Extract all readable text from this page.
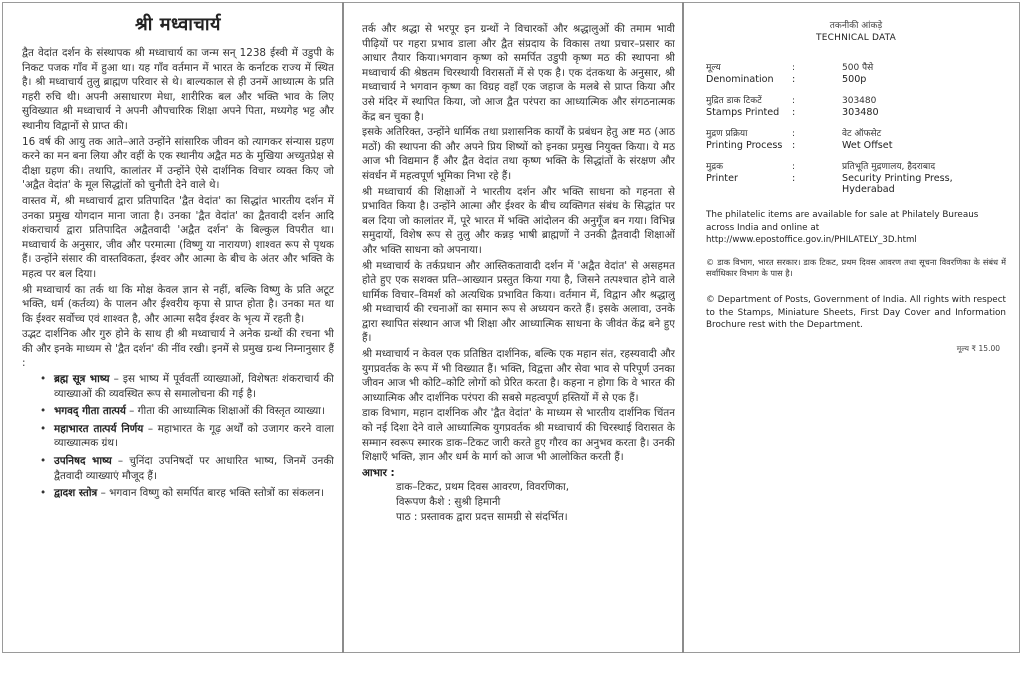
श्री मध्वाचार्य

द्वैत वेदांत दर्शन के संस्थापक श्री मध्वाचार्य का जन्म सन् 1238 ईस्वी में उडुपी के निकट पजक गाँव में हुआ था। यह गाँव वर्तमान में भारत के कर्नाटक राज्य में स्थित है। श्री मध्वाचार्य तुलु ब्राह्मण परिवार से थे। बाल्यकाल से ही उनमें आध्यात्म के प्रति गहरी रुचि थी। अपनी असाधारण मेधा, शारीरिक बल और भक्ति भाव के लिए सुविख्यात श्री मध्वाचार्य ने अपनी औपचारिक शिक्षा अपने पिता, मध्यगेह भट्ट और स्थानीय विद्वानों से प्राप्त की।

16 वर्ष की आयु तक आते–आते उन्होंने सांसारिक जीवन को त्यागकर संन्यास ग्रहण करने का मन बना लिया और वहीं के एक स्थानीय अद्वैत मठ के मुखिया अच्युतप्रेक्ष से दीक्षा ग्रहण की। तथापि, कालांतर में उन्होंने ऐसे दार्शनिक विचार व्यक्त किए जो 'अद्वैत वेदांत' के मूल सिद्धांतों को चुनौती देने वाले थे।

वास्तव में, श्री मध्वाचार्य द्वारा प्रतिपादित 'द्वैत वेदांत' का सिद्धांत भारतीय दर्शन में उनका प्रमुख योगदान माना जाता है। उनका 'द्वैत वेदांत' का द्वैतवादी दर्शन आदि शंकराचार्य द्वारा प्रतिपादित अद्वैतवादी 'अद्वैत दर्शन' के बिल्कुल विपरीत था। मध्वाचार्य के अनुसार, जीव और परमात्मा (विष्णु या नारायण) शाश्वत रूप से पृथक हैं। उन्होंने संसार की वास्तविकता, ईश्वर और आत्मा के बीच के अंतर और भक्ति के महत्व पर बल दिया।

श्री मध्वाचार्य का तर्क था कि मोक्ष केवल ज्ञान से नहीं, बल्कि विष्णु के प्रति अटूट भक्ति, धर्म (कर्तव्य) के पालन और ईश्वरीय कृपा से प्राप्त होता है। उनका मत था कि ईश्वर सर्वोच्च एवं शाश्वत है, और आत्मा सदैव ईश्वर के भृत्य में रहती है।

उद्भट दार्शनिक और गुरु होने के साथ ही श्री मध्वाचार्य ने अनेक ग्रन्थों की रचना भी की और इनके माध्यम से 'द्वैत दर्शन' की नींव रखी। इनमें से प्रमुख ग्रन्थ निम्नानुसार हैं :

• ब्रह्म सूत्र भाष्य – इस भाष्य में पूर्ववर्ती व्याख्याओं, विशेषतः शंकराचार्य की व्याख्याओं की व्यवस्थित रूप से समालोचना की गई है।
• भगवद् गीता तात्पर्य – गीता की आध्यात्मिक शिक्षाओं की विस्तृत व्याख्या।
• महाभारत तात्पर्य निर्णय – महाभारत के गूढ़ अर्थों को उजागर करने वाला व्याख्यात्मक ग्रंथ।
• उपनिषद भाष्य – चुनिंदा उपनिषदों पर आधारित भाष्य, जिनमें उनकी द्वैतवादी व्याख्याएं मौजूद हैं।
• द्वादश स्तोत्र – भगवान विष्णु को समर्पित बारह भक्ति स्तोत्रों का संकलन।

तर्क और श्रद्धा से भरपूर इन ग्रन्थों ने विचारकों और श्रद्धालुओं की तमाम भावी पीढ़ियों पर गहरा प्रभाव डाला और द्वैत संप्रदाय के विकास तथा प्रचार–प्रसार का आधार तैयार किया।भगवान कृष्ण को समर्पित उडुपी कृष्ण मठ की स्थापना श्री मध्वाचार्य की श्रेष्ठतम चिरस्थायी विरासतों में से एक है। एक दंतकथा के अनुसार, श्री मध्वाचार्य ने भगवान कृष्ण का विग्रह वहाँ एक जहाज के मलबे से प्राप्त किया और उसे मंदिर में स्थापित किया, जो आज द्वैत परंपरा का आध्यात्मिक और संगठनात्मक केंद्र बन चुका है।

इसके अतिरिक्त, उन्होंने धार्मिक तथा प्रशासनिक कार्यों के प्रबंधन हेतु अष्ट मठ (आठ मठों) की स्थापना की और अपने प्रिय शिष्यों को इनका प्रमुख नियुक्त किया। ये मठ आज भी विद्यमान हैं और द्वैत वेदांत तथा कृष्ण भक्ति के सिद्धांतों के संरक्षण और संवर्धन में महत्वपूर्ण भूमिका निभा रहे हैं।

श्री मध्वाचार्य की शिक्षाओं ने भारतीय दर्शन और भक्ति साधना को गहनता से प्रभावित किया है। उन्होंने आत्मा और ईश्वर के बीच व्यक्तिगत संबंध के सिद्धांत पर बल दिया जो कालांतर में, पूरे भारत में भक्ति आंदोलन की अनुगूँज बन गया। विभिन्न समुदायों, विशेष रूप से तुलु और कन्नड़ भाषी ब्राह्मणों ने उनकी द्वैतवादी शिक्षाओं और भक्ति साधना को अपनाया।

श्री मध्वाचार्य के तर्कप्रधान और आस्तिकतावादी दर्शन में 'अद्वैत वेदांत' से असहमत होते हुए एक सशक्त प्रति–आख्यान प्रस्तुत किया गया है, जिसने तत्पश्चात होने वाले धार्मिक विचार–विमर्श को अत्यधिक प्रभावित किया। वर्तमान में, विद्वान और श्रद्धालु श्री मध्वाचार्य की रचनाओं का समान रूप से अध्ययन करते हैं। इसके अलावा, उनके द्वारा स्थापित संस्थान आज भी शिक्षा और आध्यात्मिक साधना के जीवंत केंद्र बने हुए हैं।

श्री मध्वाचार्य न केवल एक प्रतिष्ठित दार्शनिक, बल्कि एक महान संत, रहस्यवादी और युगप्रवर्तक के रूप में भी विख्यात हैं। भक्ति, विद्वत्ता और सेवा भाव से परिपूर्ण उनका जीवन आज भी कोटि–कोटि लोगों को प्रेरित करता है। कहना न होगा कि वे भारत की आध्यात्मिक और दार्शनिक परंपरा की सबसे महत्वपूर्ण हस्तियों में से एक हैं।

डाक विभाग, महान दार्शनिक और 'द्वैत वेदांत' के माध्यम से भारतीय दार्शनिक चिंतन को नई दिशा देने वाले आध्यात्मिक युगप्रवर्तक श्री मध्वाचार्य की चिरस्थाई विरासत के सम्मान स्वरूप स्मारक डाक–टिकट जारी करते हुए गौरव का अनुभव करता है। उनकी शिक्षाएँ भक्ति, ज्ञान और धर्म के मार्ग को आज भी आलोकित करती हैं।

आभार :
डाक–टिकट, प्रथम दिवस आवरण, विवरणिका,
विरूपण कैशे : सुश्री हिमानी
पाठ : प्रस्तावक द्वारा प्रदत्त सामग्री से संदर्भित।
तकनीकी आंकड़े
TECHNICAL DATA
मूल्य	:	500 पैसे
Denomination	:	500p
मुद्रित डाक टिकटें	:	303480
Stamps Printed	:	303480
मुद्रण प्रक्रिया	:	वेट ऑफसेट
Printing Process	:	Wet Offset
मुद्रक	:	प्रतिभूति मुद्रणालय, हैदराबाद
Printer	:	Security Printing Press, Hyderabad
The philatelic items are available for sale at Philately Bureaus across India and online at
http://www.epostoffice.gov.in/PHILATELY_3D.html
© डाक विभाग, भारत सरकार। डाक टिकट, प्रथम दिवस आवरण तथा सूचना विवरणिका के संबंध में सर्वाधिकार विभाग के पास है।
© Department of Posts, Government of India. All rights with respect to the Stamps, Miniature Sheets, First Day Cover and Information Brochure rest with the Department.
मूल्य ₹ 15.00
